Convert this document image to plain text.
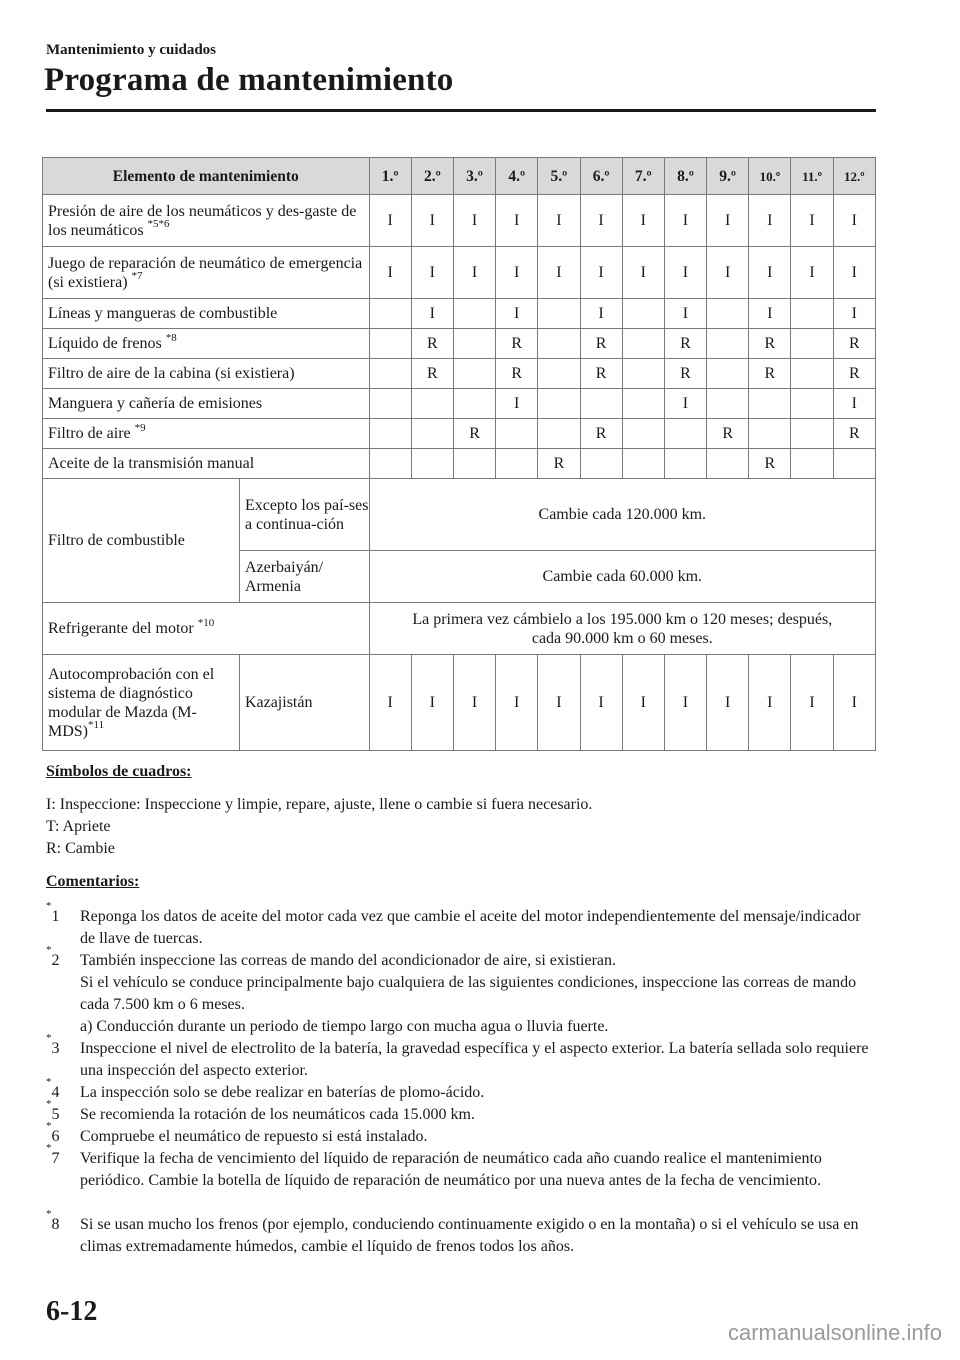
Mantenimiento y cuidados
Programa de mantenimiento
Elemento de mantenimiento		1.º	2.º	3.º	4.º	5.º	6.º	7.º	8.º	9.º	10.º	11.º	12.º
Presión de aire de los neumáticos y des-gaste de los neumáticos $^{*5*6}$		I	I	I	I	I	I	I	I	I	I	I	I
Juego de reparación de neumático de emergencia (si existiera) $^{*7}$		I	I	I	I	I	I	I	I	I	I	I	I
Líneas y mangueras de combustible			I		I		I		I		I		I
Líquido de frenos $^{*8}$			R		R		R		R		R		R
Filtro de aire de la cabina (si existiera)			R		R		R		R		R		R
Manguera y cañería de emisiones					I				I				I
Filtro de aire $^{*9}$				R			R			R			R
Aceite de la transmisión manual						R					R		
Filtro de combustible	Excepto los paí-ses a continua-ción	Cambie cada 120.000 km.											
	Azerbaiyán/ Armenia	Cambie cada 60.000 km.											
Refrigerante del motor $^{*10}$		La primera vez cámbielo a los 195.000 km o 120 meses; después,
cada 90.000 km o 60 meses.											
Autocomprobación con el sistema de diagnóstico modular de Mazda $(M-MDS)^{*11}$	Kazajistán	I	I	I	I	I	I	I	I	I	I	I	I
Símbolos de cuadros:
I: Inspeccione: Inspeccione y limpie, repare, ajuste, llene o cambie si fuera necesario.
T: Apriete
R: Cambie
Comentarios:
*1 Reponga los datos de aceite del motor cada vez que cambie el aceite del motor independientemente del mensaje/indicador de llave de tuercas.
*2 También inspeccione las correas de mando del acondicionador de aire, si existieran.
Si el vehículo se conduce principalmente bajo cualquiera de las siguientes condiciones, inspeccione las correas de mando cada 7.500 km o 6 meses.
a) Conducción durante un periodo de tiempo largo con mucha agua o lluvia fuerte.
*3 Inspeccione el nivel de electrolito de la batería, la gravedad específica y el aspecto exterior. La batería sellada solo requiere una inspección del aspecto exterior.
*4 La inspección solo se debe realizar en baterías de plomo-ácido.
*5 Se recomienda la rotación de los neumáticos cada 15.000 km.
*6 Compruebe el neumático de repuesto si está instalado.
*7 Verifique la fecha de vencimiento del líquido de reparación de neumático cada año cuando realice el mantenimiento periódico. Cambie la botella de líquido de reparación de neumático por una nueva antes de la fecha de vencimiento.
*8 Si se usan mucho los frenos (por ejemplo, conduciendo continuamente exigido o en la montaña) o si el vehículo se usa en climas extremadamente húmedos, cambie el líquido de frenos todos los años.
6-12
carmanualsonline.info
